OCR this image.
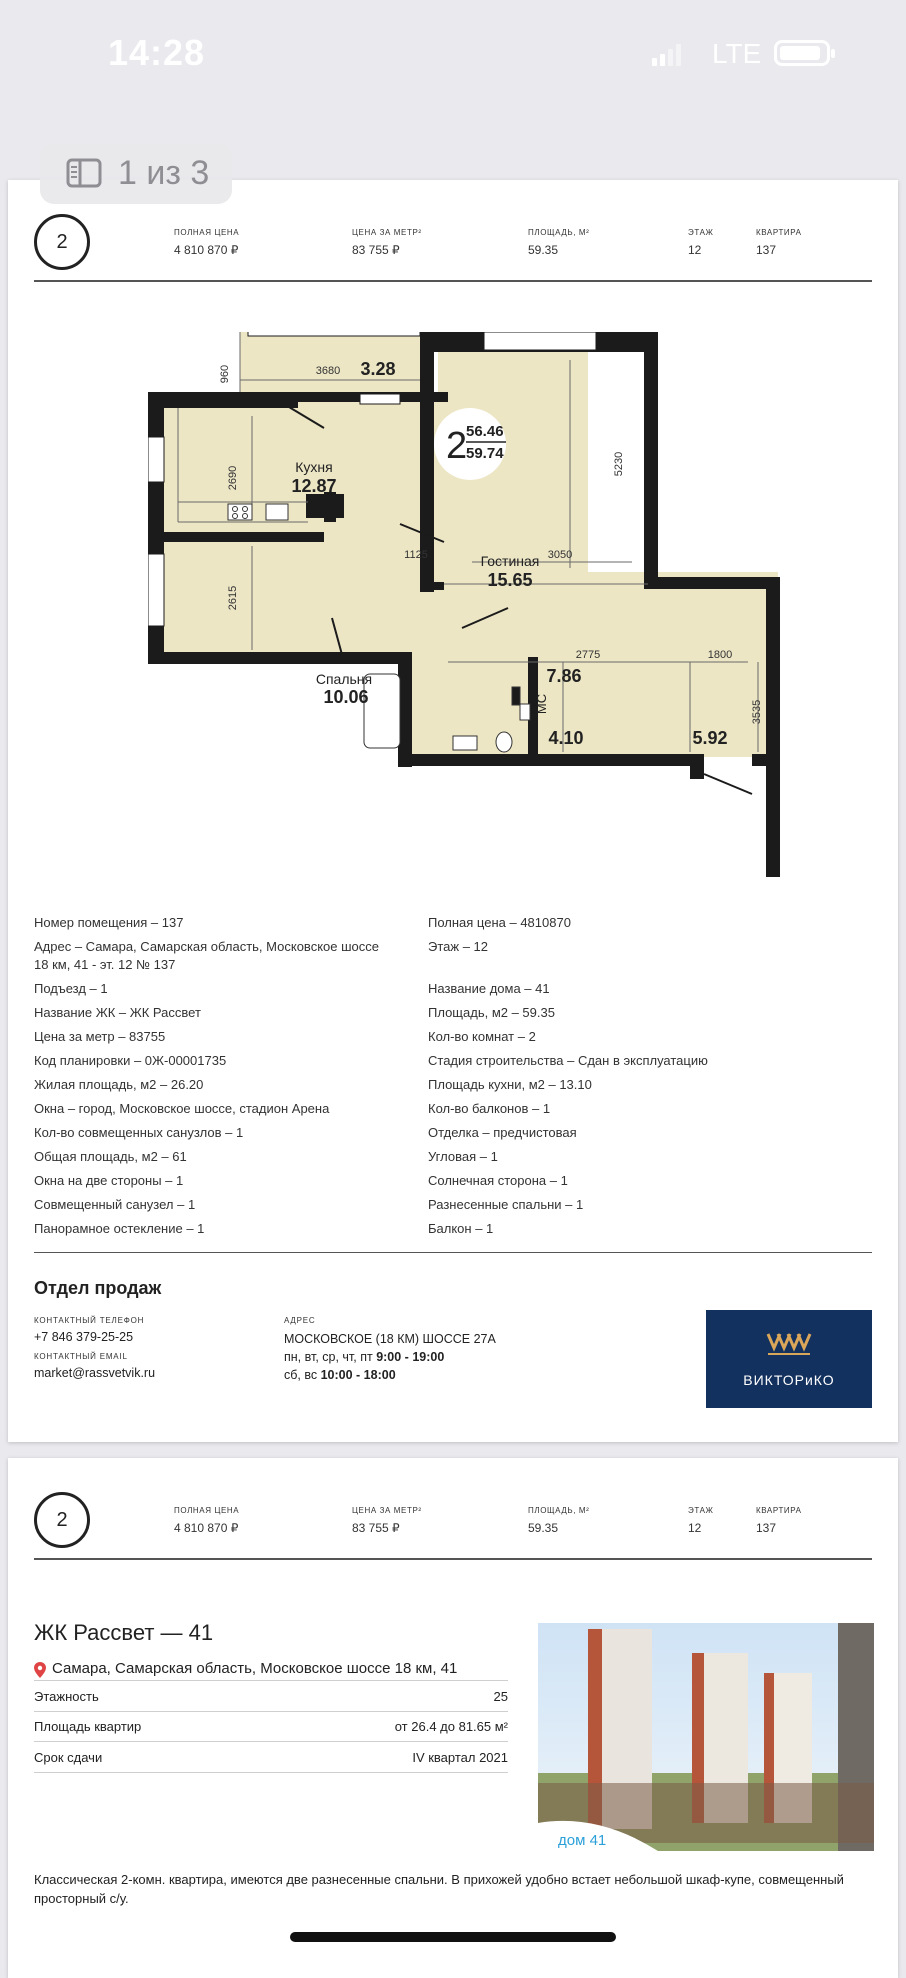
14:28	LTE
2	ПОЛНАЯ ЦЕНА
4 810 870 ₽
ЦЕНА ЗА МЕТР²
83 755 ₽
ПЛОЩАДЬ, М²
59.35
ЭТАЖ
12
КВАРТИРА
137
2
56.46
59.74
3.28
Кухня
12.87
Гостиная
15.65
Спальня
10.06
7.86
4.10	5.92
МС
960	3680
2690
5230
1125	3050
2615
2775	1800
3535
Номер помещения – 137
Адрес – Самара, Самарская область, Московское шоссе
18 км, 41 - эт. 12 № 137
Подъезд – 1
Название ЖК – ЖК Рассвет
Цена за метр – 83755
Код планировки – 0Ж-00001735
Жилая площадь, м2 – 26.20
Окна – город, Московское шоссе, стадион Арена
Кол-во совмещенных санузлов – 1
Общая площадь, м2 – 61
Окна на две стороны – 1
Совмещенный санузел – 1
Панорамное остекление – 1
Полная цена – 4810870
Этаж – 12
Название дома – 41
Площадь, м2 – 59.35
Кол-во комнат – 2
Стадия строительства – Сдан в эксплуатацию
Площадь кухни, м2 – 13.10
Кол-во балконов – 1
Отделка – предчистовая
Угловая – 1
Солнечная сторона – 1
Разнесенные спальни – 1
Балкон – 1
Отдел продаж
КОНТАКТНЫЙ ТЕЛЕФОН
+7 846 379-25-25
КОНТАКТНЫЙ EMAIL
market@rassvetvik.ru
АДРЕС
МОСКОВСКОЕ (18 КМ) ШОССЕ 27А
пн, вт, ср, чт, пт 9:00 - 19:00
сб, вс 10:00 - 18:00	ВИКТОРиКО
1 из 3
2	ПОЛНАЯ ЦЕНА
4 810 870 ₽
ЦЕНА ЗА МЕТР²
83 755 ₽
ПЛОЩАДЬ, М²
59.35
ЭТАЖ
12
КВАРТИРА
137
ЖК Рассвет — 41
Самара, Самарская область, Московское шоссе 18 км, 41
Этажность	25
Площадь квартир	от 26.4 до 81.65 м²
Срок сдачи	IV квартал 2021
дом 41
Классическая 2-комн. квартира, имеются две разнесенные спальни. В прихожей удобно встает небольшой шкаф-купе, совмещенный просторный с/у.
